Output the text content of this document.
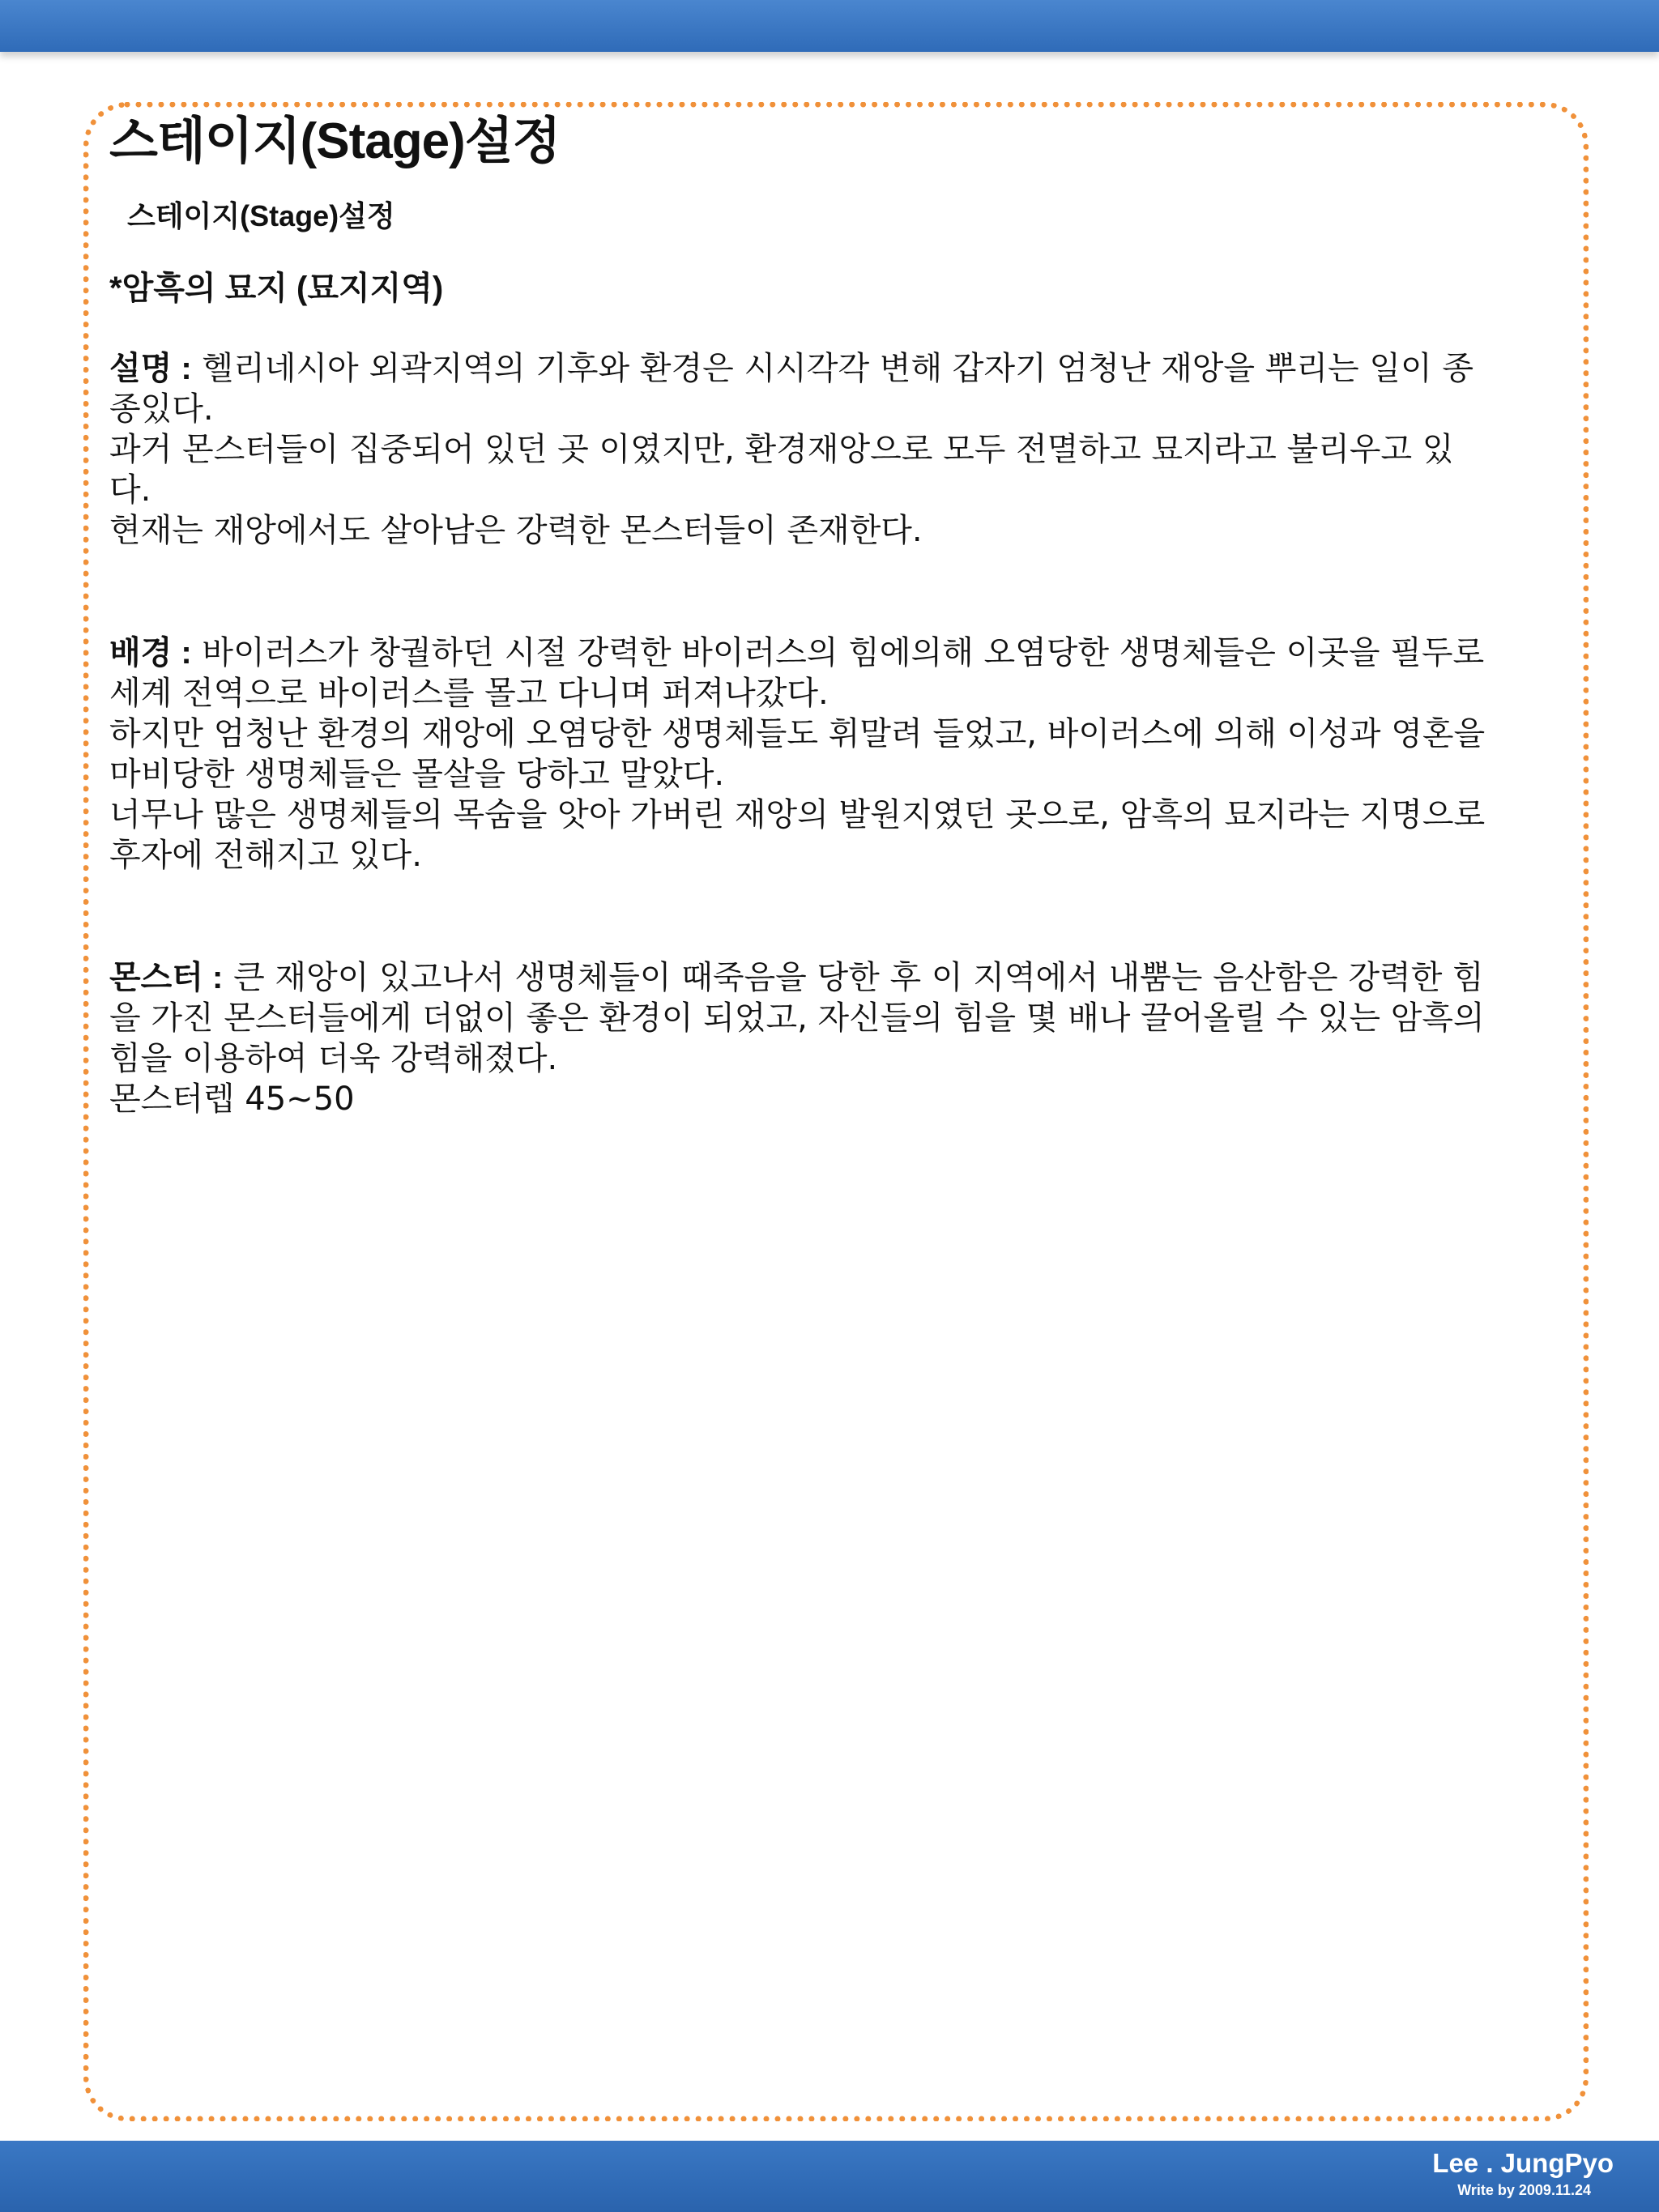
스테이지(Stage)설정

스테이지(Stage)설정

*암흑의 묘지 (묘지지역)

설명 : 헬리네시아 외곽지역의 기후와 환경은 시시각각 변해 갑자기 엄청난 재앙을 뿌리는 일이 종종있다.

과거 몬스터들이 집중되어 있던 곳 이였지만, 환경재앙으로 모두 전멸하고 묘지라고 불리우고 있다.

현재는 재앙에서도 살아남은 강력한 몬스터들이 존재한다.

배경 : 바이러스가 창궐하던 시절 강력한 바이러스의 힘에의해 오염당한 생명체들은 이곳을 필두로 세계 전역으로 바이러스를 몰고 다니며 퍼져나갔다.

하지만 엄청난 환경의 재앙에 오염당한 생명체들도 휘말려 들었고, 바이러스에 의해 이성과 영혼을 마비당한 생명체들은 몰살을 당하고 말았다.

너무나 많은 생명체들의 목숨을 앗아 가버린 재앙의 발원지였던 곳으로, 암흑의 묘지라는 지명으로 후자에 전해지고 있다.

몬스터 : 큰 재앙이 있고나서 생명체들이 때죽음을 당한 후 이 지역에서 내뿜는 음산함은 강력한 힘을 가진 몬스터들에게 더없이 좋은 환경이 되었고, 자신들의 힘을 몇 배나 끌어올릴 수 있는 암흑의 힘을 이용하여 더욱 강력해졌다.

몬스터렙 45~50

Lee . JungPyo
Write by 2009.11.24
